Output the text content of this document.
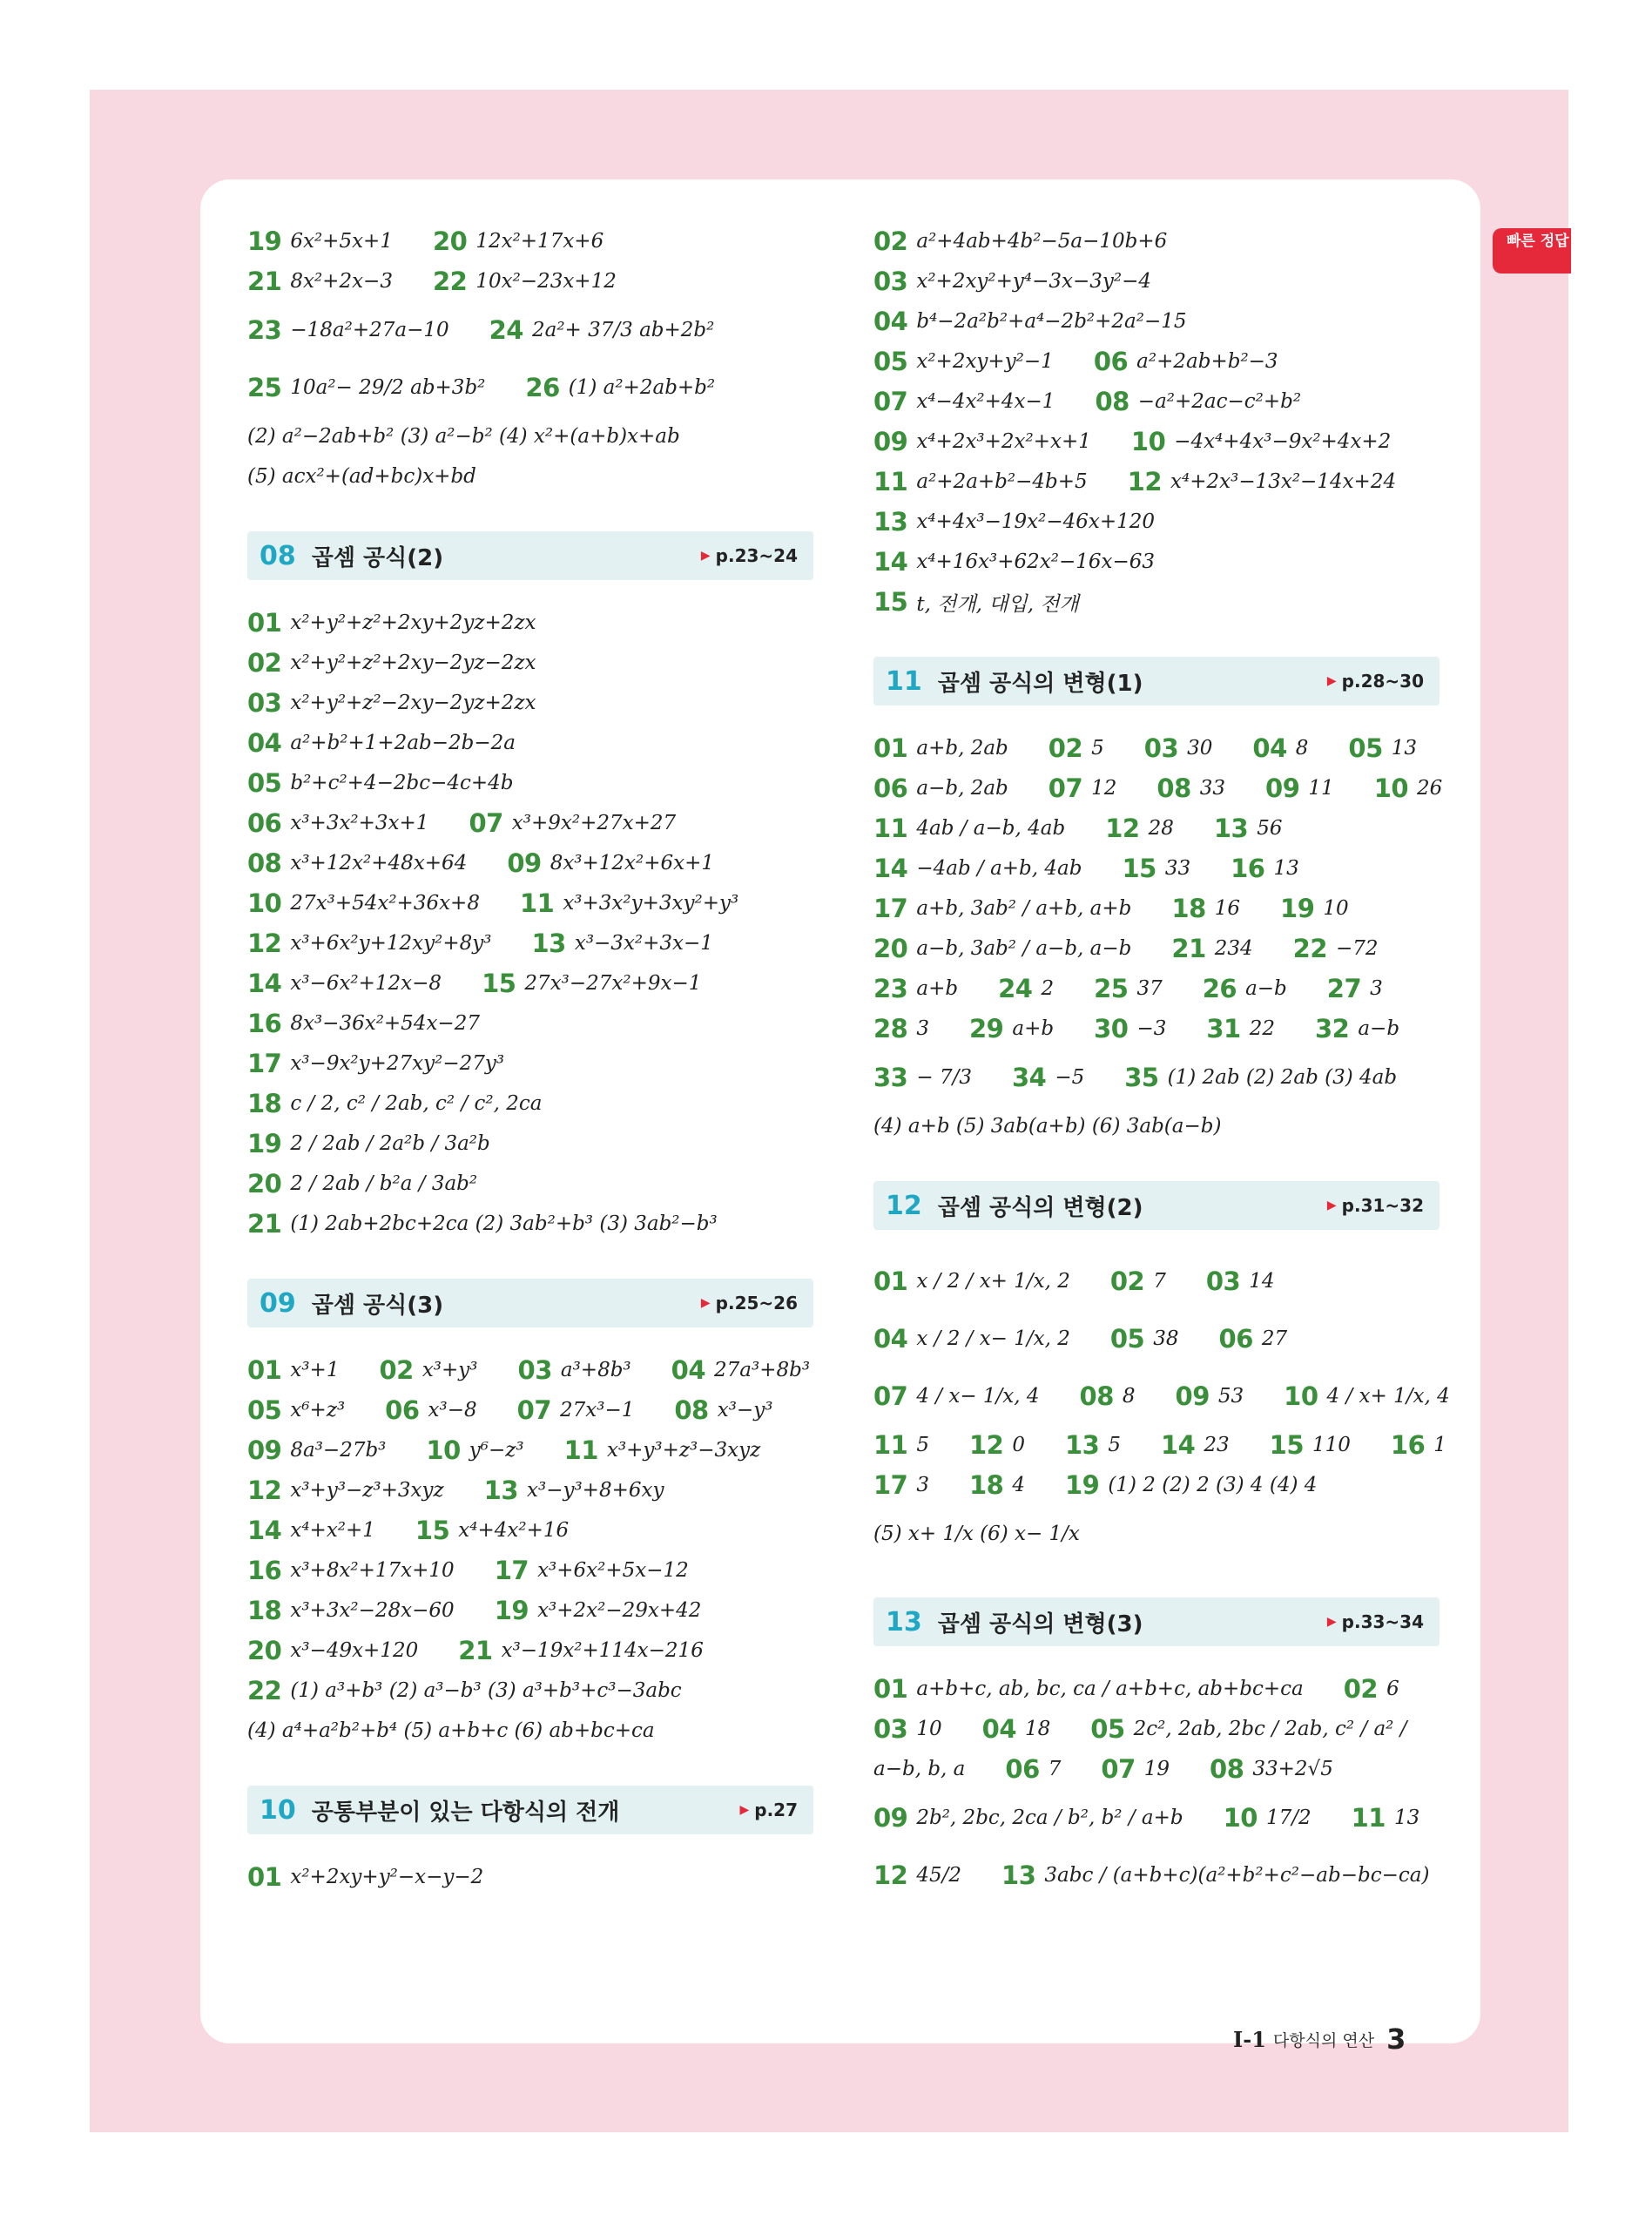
빠른 정답
19 6x²+5x+1 20 12x²+17x+6
21 8x²+2x−3 22 10x²−23x+12
23 −18a²+27a−10 24 2a²+ 37/3 ab+2b²
25 10a²− 29/2 ab+3b² 26 (1) a²+2ab+b²
(2) a²−2ab+b² (3) a²−b² (4) x²+(a+b)x+ab
(5) acx²+(ad+bc)x+bd
08 곱셈 공식(2)	▶ p.23~24
01 x²+y²+z²+2xy+2yz+2zx
02 x²+y²+z²+2xy−2yz−2zx
03 x²+y²+z²−2xy−2yz+2zx
04 a²+b²+1+2ab−2b−2a
05 b²+c²+4−2bc−4c+4b
06 x³+3x²+3x+1 07 x³+9x²+27x+27
08 x³+12x²+48x+64 09 8x³+12x²+6x+1
10 27x³+54x²+36x+8 11 x³+3x²y+3xy²+y³
12 x³+6x²y+12xy²+8y³ 13 x³−3x²+3x−1
14 x³−6x²+12x−8 15 27x³−27x²+9x−1
16 8x³−36x²+54x−27
17 x³−9x²y+27xy²−27y³
18 c / 2, c² / 2ab, c² / c², 2ca
19 2 / 2ab / 2a²b / 3a²b
20 2 / 2ab / b²a / 3ab²
21 (1) 2ab+2bc+2ca (2) 3ab²+b³ (3) 3ab²−b³
09 곱셈 공식(3)	▶ p.25~26
01 x³+1 02 x³+y³ 03 a³+8b³ 04 27a³+8b³
05 x⁶+z³ 06 x³−8 07 27x³−1 08 x³−y³
09 8a³−27b³ 10 y⁶−z³ 11 x³+y³+z³−3xyz
12 x³+y³−z³+3xyz 13 x³−y³+8+6xy
14 x⁴+x²+1 15 x⁴+4x²+16
16 x³+8x²+17x+10 17 x³+6x²+5x−12
18 x³+3x²−28x−60 19 x³+2x²−29x+42
20 x³−49x+120 21 x³−19x²+114x−216
22 (1) a³+b³ (2) a³−b³ (3) a³+b³+c³−3abc
(4) a⁴+a²b²+b⁴ (5) a+b+c (6) ab+bc+ca
10 공통부분이 있는 다항식의 전개	▶ p.27
01 x²+2xy+y²−x−y−2
02 a²+4ab+4b²−5a−10b+6
03 x²+2xy²+y⁴−3x−3y²−4
04 b⁴−2a²b²+a⁴−2b²+2a²−15
05 x²+2xy+y²−1 06 a²+2ab+b²−3
07 x⁴−4x²+4x−1 08 −a²+2ac−c²+b²
09 x⁴+2x³+2x²+x+1 10 −4x⁴+4x³−9x²+4x+2
11 a²+2a+b²−4b+5 12 x⁴+2x³−13x²−14x+24
13 x⁴+4x³−19x²−46x+120
14 x⁴+16x³+62x²−16x−63
15 t, 전개, 대입, 전개
11 곱셈 공식의 변형(1)	▶ p.28~30
01 a+b, 2ab 02 5 03 30 04 8 05 13
06 a−b, 2ab 07 12 08 33 09 11 10 26
11 4ab / a−b, 4ab 12 28 13 56
14 −4ab / a+b, 4ab 15 33 16 13
17 a+b, 3ab² / a+b, a+b 18 16 19 10
20 a−b, 3ab² / a−b, a−b 21 234 22 −72
23 a+b 24 2 25 37 26 a−b 27 3
28 3 29 a+b 30 −3 31 22 32 a−b
33 − 7/3 34 −5 35 (1) 2ab (2) 2ab (3) 4ab
(4) a+b (5) 3ab(a+b) (6) 3ab(a−b)
12 곱셈 공식의 변형(2)	▶ p.31~32
01 x / 2 / x+ 1/x, 2 02 7 03 14
04 x / 2 / x− 1/x, 2 05 38 06 27
07 4 / x− 1/x, 4 08 8 09 53 10 4 / x+ 1/x, 4
11 5 12 0 13 5 14 23 15 110 16 1
17 3 18 4 19 (1) 2 (2) 2 (3) 4 (4) 4
(5) x+ 1/x (6) x− 1/x
13 곱셈 공식의 변형(3)	▶ p.33~34
01 a+b+c, ab, bc, ca / a+b+c, ab+bc+ca 02 6
03 10 04 18 05 2c², 2ab, 2bc / 2ab, c² / a² /
a−b, b, a 06 7 07 19 08 33+2√5
09 2b², 2bc, 2ca / b², b² / a+b 10 17/2 11 13
12 45/2 13 3abc / (a+b+c)(a²+b²+c²−ab−bc−ca)
Ⅰ-1 다항식의 연산 3
